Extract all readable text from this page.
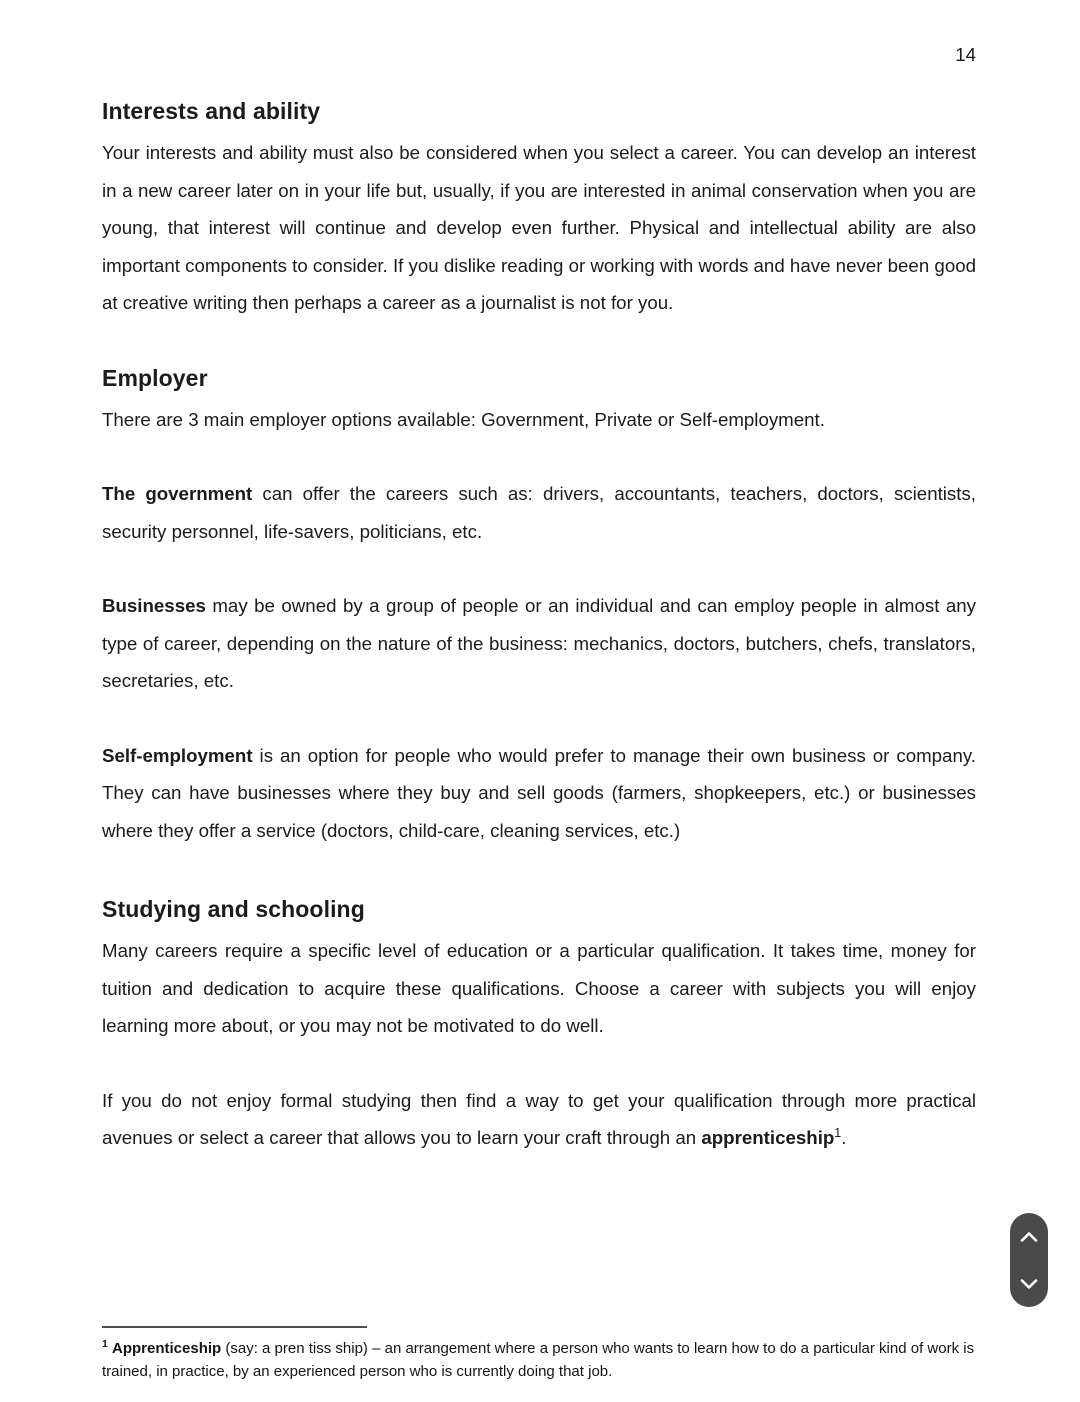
14
Interests and ability

Your interests and ability must also be considered when you select a career. You can develop an interest in a new career later on in your life but, usually, if you are interested in animal conservation when you are young, that interest will continue and develop even further. Physical and intellectual ability are also important components to consider. If you dislike reading or working with words and have never been good at creative writing then perhaps a career as a journalist is not for you.

Employer

There are 3 main employer options available: Government, Private or Self-employment.

The government can offer the careers such as: drivers, accountants, teachers, doctors, scientists, security personnel, life-savers, politicians, etc.

Businesses may be owned by a group of people or an individual and can employ people in almost any type of career, depending on the nature of the business: mechanics, doctors, butchers, chefs, translators, secretaries, etc.

Self-employment is an option for people who would prefer to manage their own business or company. They can have businesses where they buy and sell goods (farmers, shopkeepers, etc.) or businesses where they offer a service (doctors, child-care, cleaning services, etc.)

Studying and schooling

Many careers require a specific level of education or a particular qualification. It takes time, money for tuition and dedication to acquire these qualifications. Choose a career with subjects you will enjoy learning more about, or you may not be motivated to do well.

If you do not enjoy formal studying then find a way to get your qualification through more practical avenues or select a career that allows you to learn your craft through an apprenticeship$^1$.

$^1$ Apprenticeship (say: a pren tiss ship) – an arrangement where a person who wants to learn how to do a particular kind of work is trained, in practice, by an experienced person who is currently doing that job.
